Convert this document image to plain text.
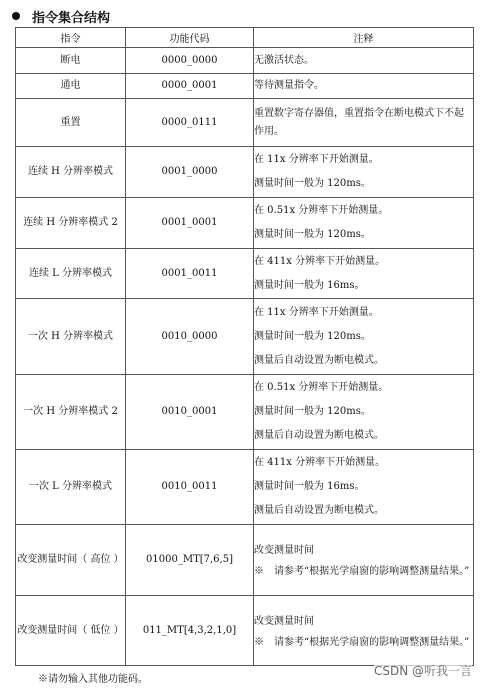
指令集合结构
指令	功能代码	注释
断电	0000_0000	无激活状态。

通电	0000_0001	等待测量指令。

重置	0000_0111	重置数字寄存器值，重置指令在断电模式下不起作用。

连续 H 分辨率模式	0001_0000	在 11x 分辨率下开始测量。
测量时间一般为 120ms。

连续 H 分辨率模式 2	0001_0001	在 0.51x 分辨率下开始测量。
测量时间一般为 120ms。

连续 L 分辨率模式	0001_0011	在 411x 分辨率下开始测量。
测量时间一般为 16ms。

一次 H 分辨率模式	0010_0000	在 11x 分辨率下开始测量。
测量时间一般为 120ms。
测量后自动设置为断电模式。

一次 H 分辨率模式 2	0010_0001	在 0.51x 分辨率下开始测量。
测量时间一般为 120ms。
测量后自动设置为断电模式。

一次 L 分辨率模式	0010_0011	在 411x 分辨率下开始测量。
测量时间一般为 16ms。
测量后自动设置为断电模式。

改变测量时间（ 高位 ）	01000_MT[7,6,5]	改变测量时间
※　请参考“根据光学扇窗的影响调整测量结果。”

改变测量时间（ 低位 ）	011_MT[4,3,2,1,0]	改变测量时间
※　请参考“根据光学扇窗的影响调整测量结果。”
※请勿输入其他功能码。
CSDN @听我一言
